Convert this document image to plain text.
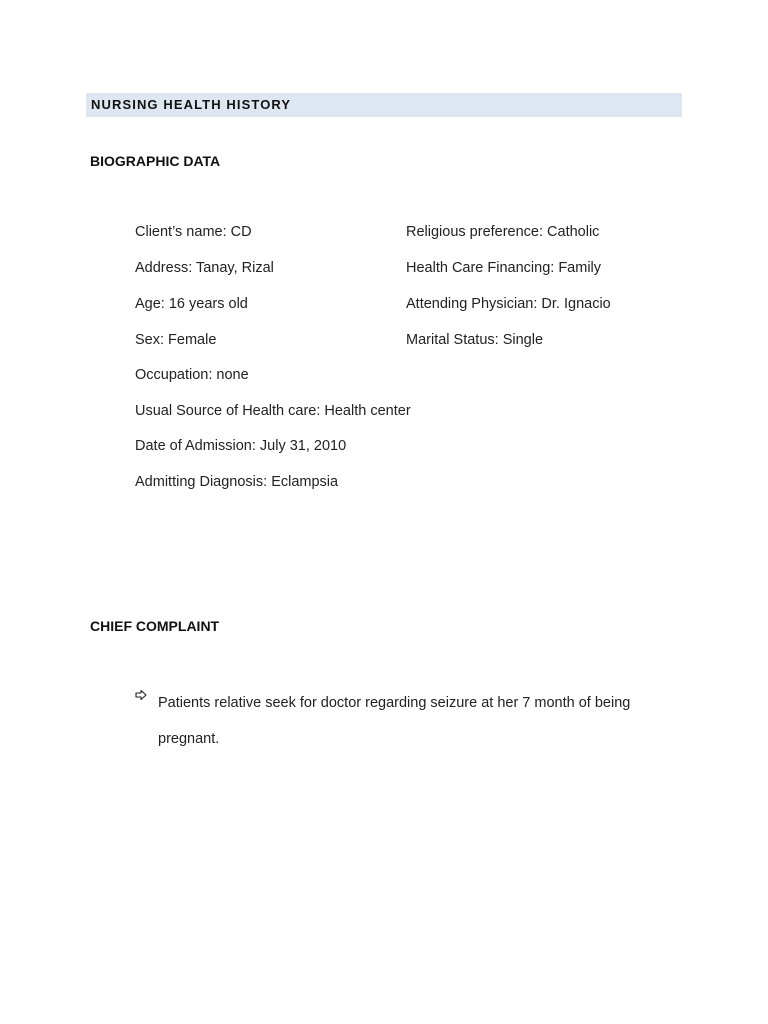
NURSING HEALTH HISTORY
BIOGRAPHIC DATA
Client’s name: CD
Address: Tanay, Rizal
Age: 16 years old
Sex: Female
Occupation: none
Usual Source of Health care: Health center
Date of Admission: July 31, 2010
Admitting Diagnosis: Eclampsia
Religious preference: Catholic
Health Care Financing: Family
Attending Physician: Dr. Ignacio
Marital Status: Single
CHIEF COMPLAINT
Patients relative seek for doctor regarding seizure at her 7 month of being pregnant.
